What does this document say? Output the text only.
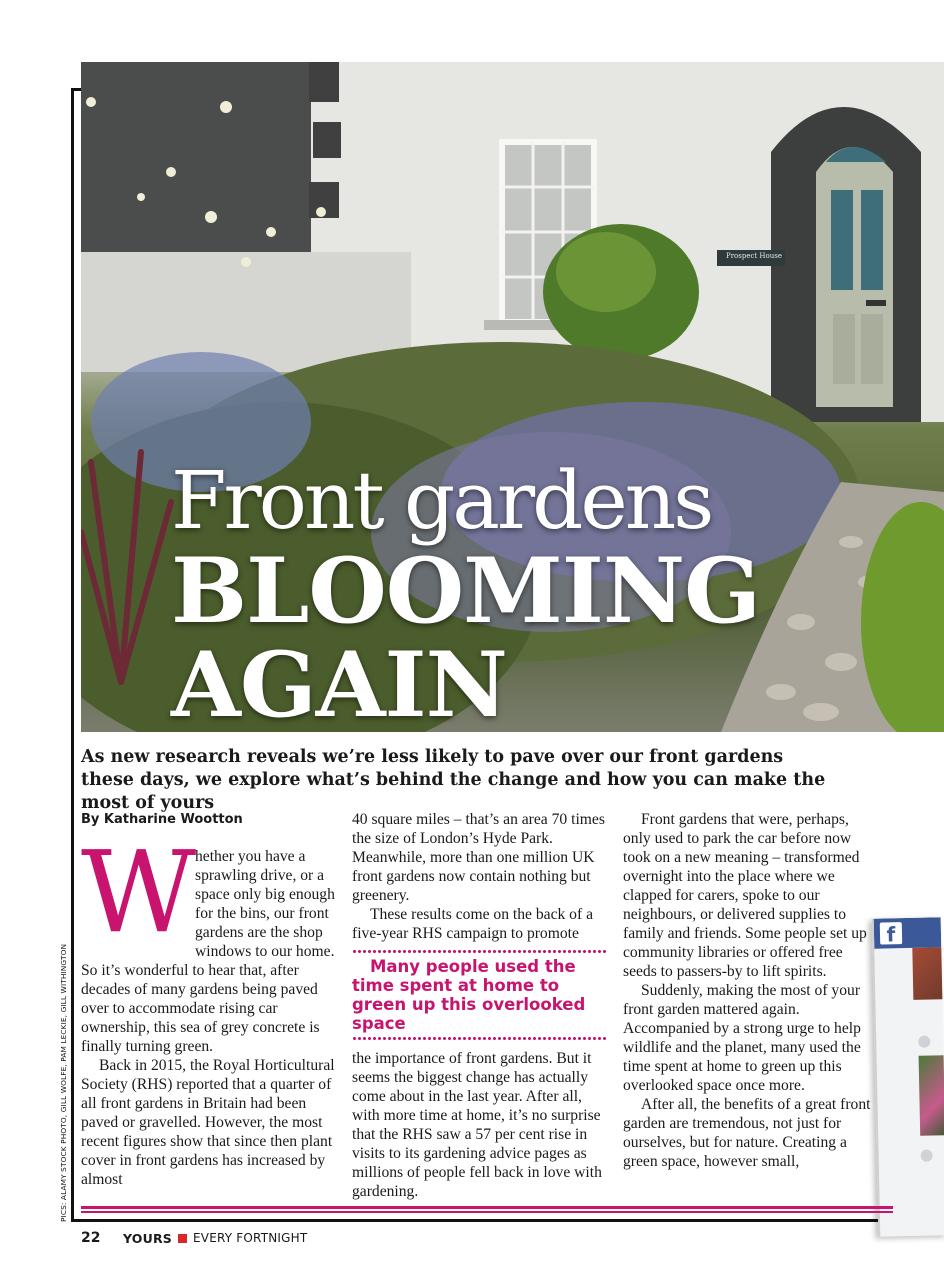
Front gardens
BLOOMING
AGAIN
Prospect House
As new research reveals we’re less likely to pave over our front gardens these days, we explore what’s behind the change and how you can make the most of yours
By Katharine Wootton
W

hether you have a sprawling drive, or a space only big enough for the bins, our front gardens are the shop windows to our home. So it’s wonderful to hear that, after decades of many gardens being paved over to accommodate rising car ownership, this sea of grey concrete is finally turning green.

Back in 2015, the Royal Horticultural Society (RHS) reported that a quarter of all front gardens in Britain had been paved or gravelled. However, the most recent figures show that since then plant cover in front gardens has increased by almost

40 square miles – that’s an area 70 times the size of London’s Hyde Park. Meanwhile, more than one million UK front gardens now contain nothing but greenery.

These results come on the back of a five-year RHS campaign to promote

Many people used the time spent at home to green up this overlooked space

the importance of front gardens. But it seems the biggest change has actually come about in the last year. After all, with more time at home, it’s no surprise that the RHS saw a 57 per cent rise in visits to its gardening advice pages as millions of people fell back in love with gardening.

Front gardens that were, perhaps, only used to park the car before now took on a new meaning – transformed overnight into the place where we clapped for carers, spoke to our neighbours, or delivered supplies to family and friends. Some people set up community libraries or offered free seeds to passers-by to lift spirits.

Suddenly, making the most of your front garden mattered again. Accompanied by a strong urge to help wildlife and the planet, many used the time spent at home to green up this overlooked space once more.

After all, the benefits of a great front garden are tremendous, not just for ourselves, but for nature. Creating a green space, however small,

f
PICS: ALAMY STOCK PHOTO, GILL WOLFE, PAM LECKIE, GILL WITHINGTON
22	YOURS EVERY FORTNIGHT
